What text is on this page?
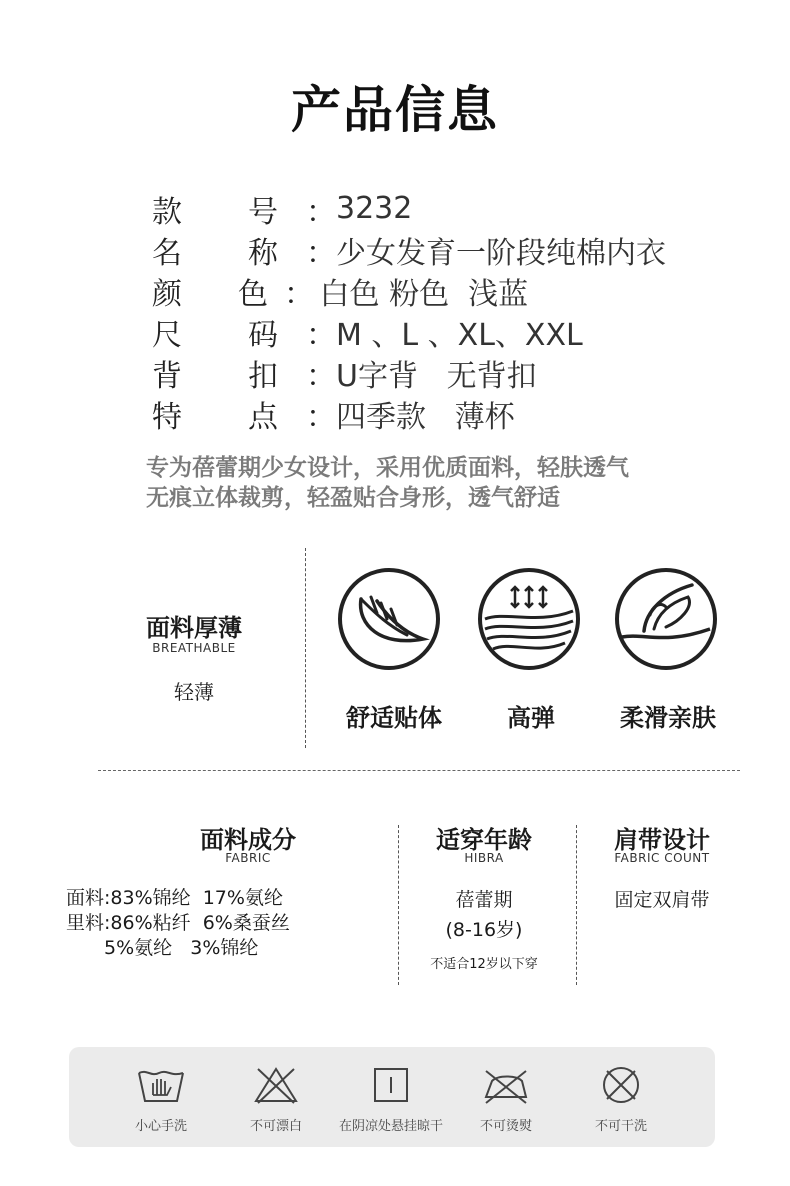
产品信息
款	号 ： 3232
名	称 ： 少女发育一阶段纯棉内衣
颜	色 ：
白色 粉色  浅蓝
尺	码 ： M 、L 、XL、XXL
背	扣 ： U字背   无背扣
特	点 ： 四季款   薄杯
专为蓓蕾期少女设计，采用优质面料，轻肤透气
无痕立体裁剪，轻盈贴合身形，透气舒适
面料厚薄
BREATHABLE
轻薄
舒适贴体	高弹	柔滑亲肤
面料成分
FABRIC
面料:83%锦纶  17%氨纶
里料:86%粘纤  6%桑蚕丝
5%氨纶   3%锦纶
适穿年龄
HIBRA
蓓蕾期
(8-16岁)
不适合12岁以下穿
肩带设计
FABRIC COUNT
固定双肩带
小心手洗	不可漂白	在阴凉处悬挂晾干	不可烫熨	不可干洗
